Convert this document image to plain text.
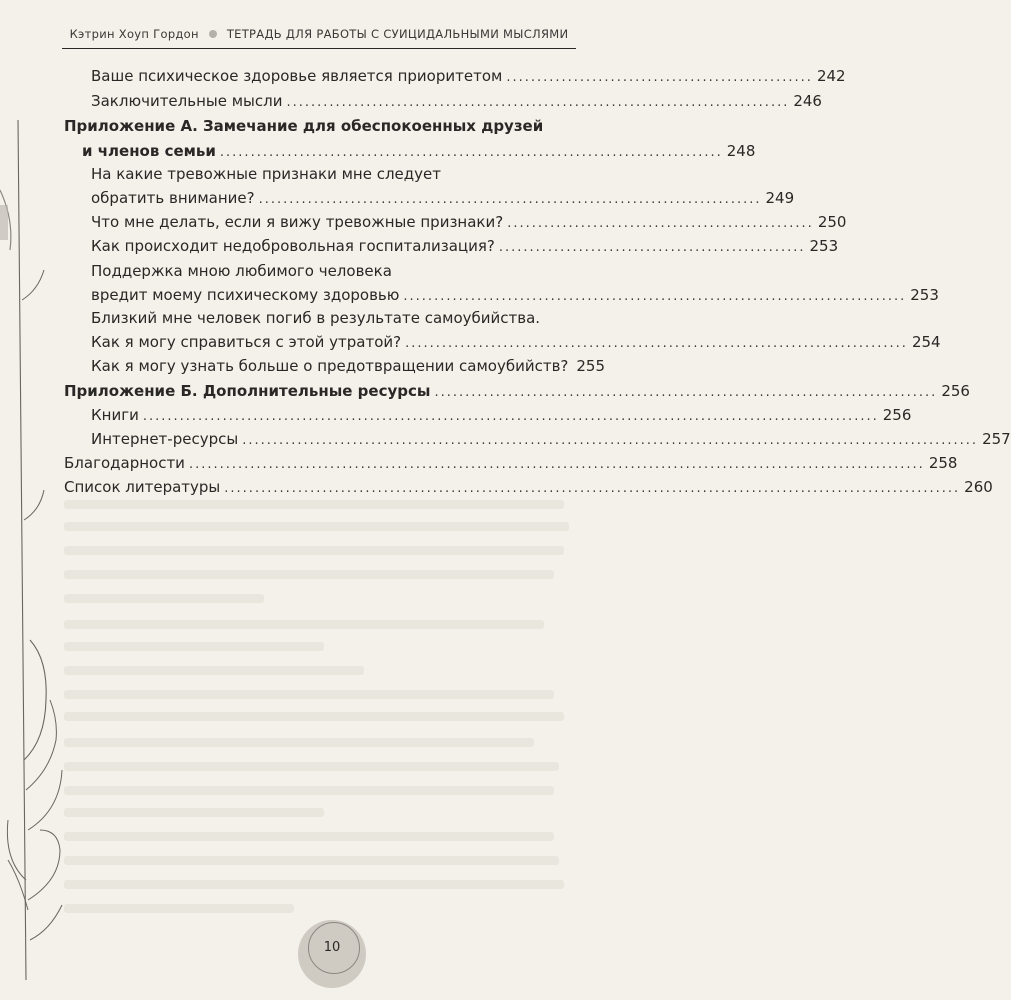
Кэтрин Хоуп Гордон ТЕТРАДЬ ДЛЯ РАБОТЫ С СУИЦИДАЛЬНЫМИ МЫСЛЯМИ
Ваше психическое здоровье является приоритетом .................................................. 242
Заключительные мысли .................................................................................. 246
Приложение А. Замечание для обеспокоенных друзей
и членов семьи .................................................................................. 248
На какие тревожные признаки мне следует
обратить внимание? .................................................................................. 249
Что мне делать, если я вижу тревожные признаки? .................................................. 250
Как происходит недобровольная госпитализация? .................................................. 253
Поддержка мною любимого человека
вредит моему психическому здоровью .................................................................................. 253
Близкий мне человек погиб в результате самоубийства.
Как я могу справиться с этой утратой? .................................................................................. 254
Как я могу узнать больше о предотвращении самоубийств? 255
Приложение Б. Дополнительные ресурсы .................................................................................. 256
Книги ........................................................................................................................ 256
Интернет-ресурсы ........................................................................................................................ 257
Благодарности ........................................................................................................................ 258
Список литературы ........................................................................................................................ 260
10
